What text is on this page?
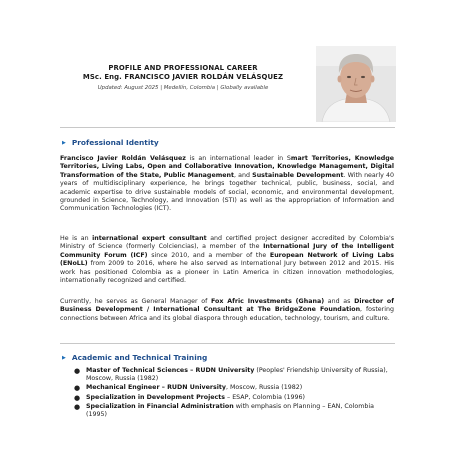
PROFILE AND PROFESSIONAL CAREER
MSc. Eng. FRANCISCO JAVIER ROLDÁN VELÁSQUEZ
Updated: August 2025 | Medellín, Colombia | Globally available
▶ Professional Identity
Francisco Javier Roldán Velásquez is an international leader in Smart Territories, Knowledge Territories, Living Labs, Open and Collaborative Innovation, Knowledge Management, Digital Transformation of the State, Public Management, and Sustainable Development. With nearly 40 years of multidisciplinary experience, he brings together technical, public, business, social, and academic expertise to drive sustainable models of social, economic, and environmental development, grounded in Science, Technology, and Innovation (STI) as well as the appropriation of Information and Communication Technologies (ICT).
He is an international expert consultant and certified project designer accredited by Colombia's Ministry of Science (formerly Colciencias), a member of the International Jury of the Intelligent Community Forum (ICF) since 2010, and a member of the European Network of Living Labs (ENoLL) from 2009 to 2016, where he also served as International Jury between 2012 and 2015. His work has positioned Colombia as a pioneer in Latin America in citizen innovation methodologies, internationally recognized and certified.
Currently, he serves as General Manager of Fox Afric Investments (Ghana) and as Director of Business Development / International Consultant at The BridgeZone Foundation, fostering connections between Africa and its global diaspora through education, technology, tourism, and culture.
▶ Academic and Technical Training
● Master of Technical Sciences – RUDN University (Peoples' Friendship University of Russia), Moscow, Russia (1982)
● Mechanical Engineer – RUDN University, Moscow, Russia (1982)
● Specialization in Development Projects – ESAP, Colombia (1996)
● Specialization in Financial Administration with emphasis on Planning – EAN, Colombia (1995)
